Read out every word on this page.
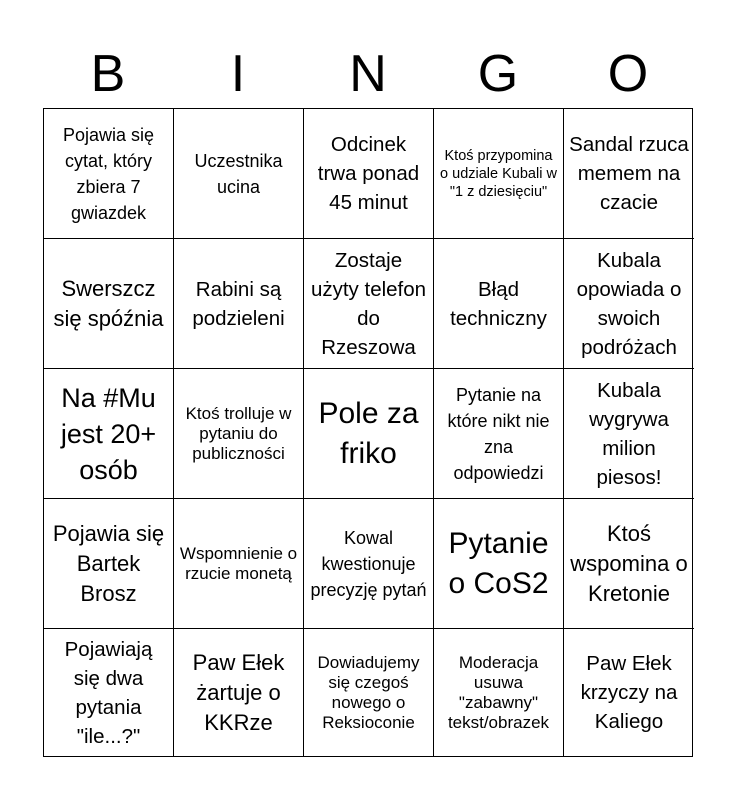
B	I	N	G	O
Pojawia się cytat, który zbiera 7 gwiazdek
Uczestnika ucina
Odcinek trwa ponad 45 minut
Ktoś przypomina o udziale Kubali w "1 z dziesięciu"
Sandal rzuca memem na czacie
Swerszcz się spóźnia
Rabini są podzieleni
Zostaje użyty telefon do Rzeszowa
Błąd techniczny
Kubala opowiada o swoich podróżach
Na #Mu jest 20+ osób
Ktoś trolluje w pytaniu do publiczności
Pole za friko
Pytanie na które nikt nie zna odpowiedzi
Kubala wygrywa milion piesos!
Pojawia się Bartek Brosz
Wspomnienie o rzucie monetą
Kowal kwestionuje precyzję pytań
Pytanie o CoS2
Ktoś wspomina o Kretonie
Pojawiają się dwa pytania "ile...?"
Paw Ełek żartuje o KKRze
Dowiadujemy się czegoś nowego o Reksioconie
Moderacja usuwa "zabawny" tekst/obrazek
Paw Ełek krzyczy na Kaliego
